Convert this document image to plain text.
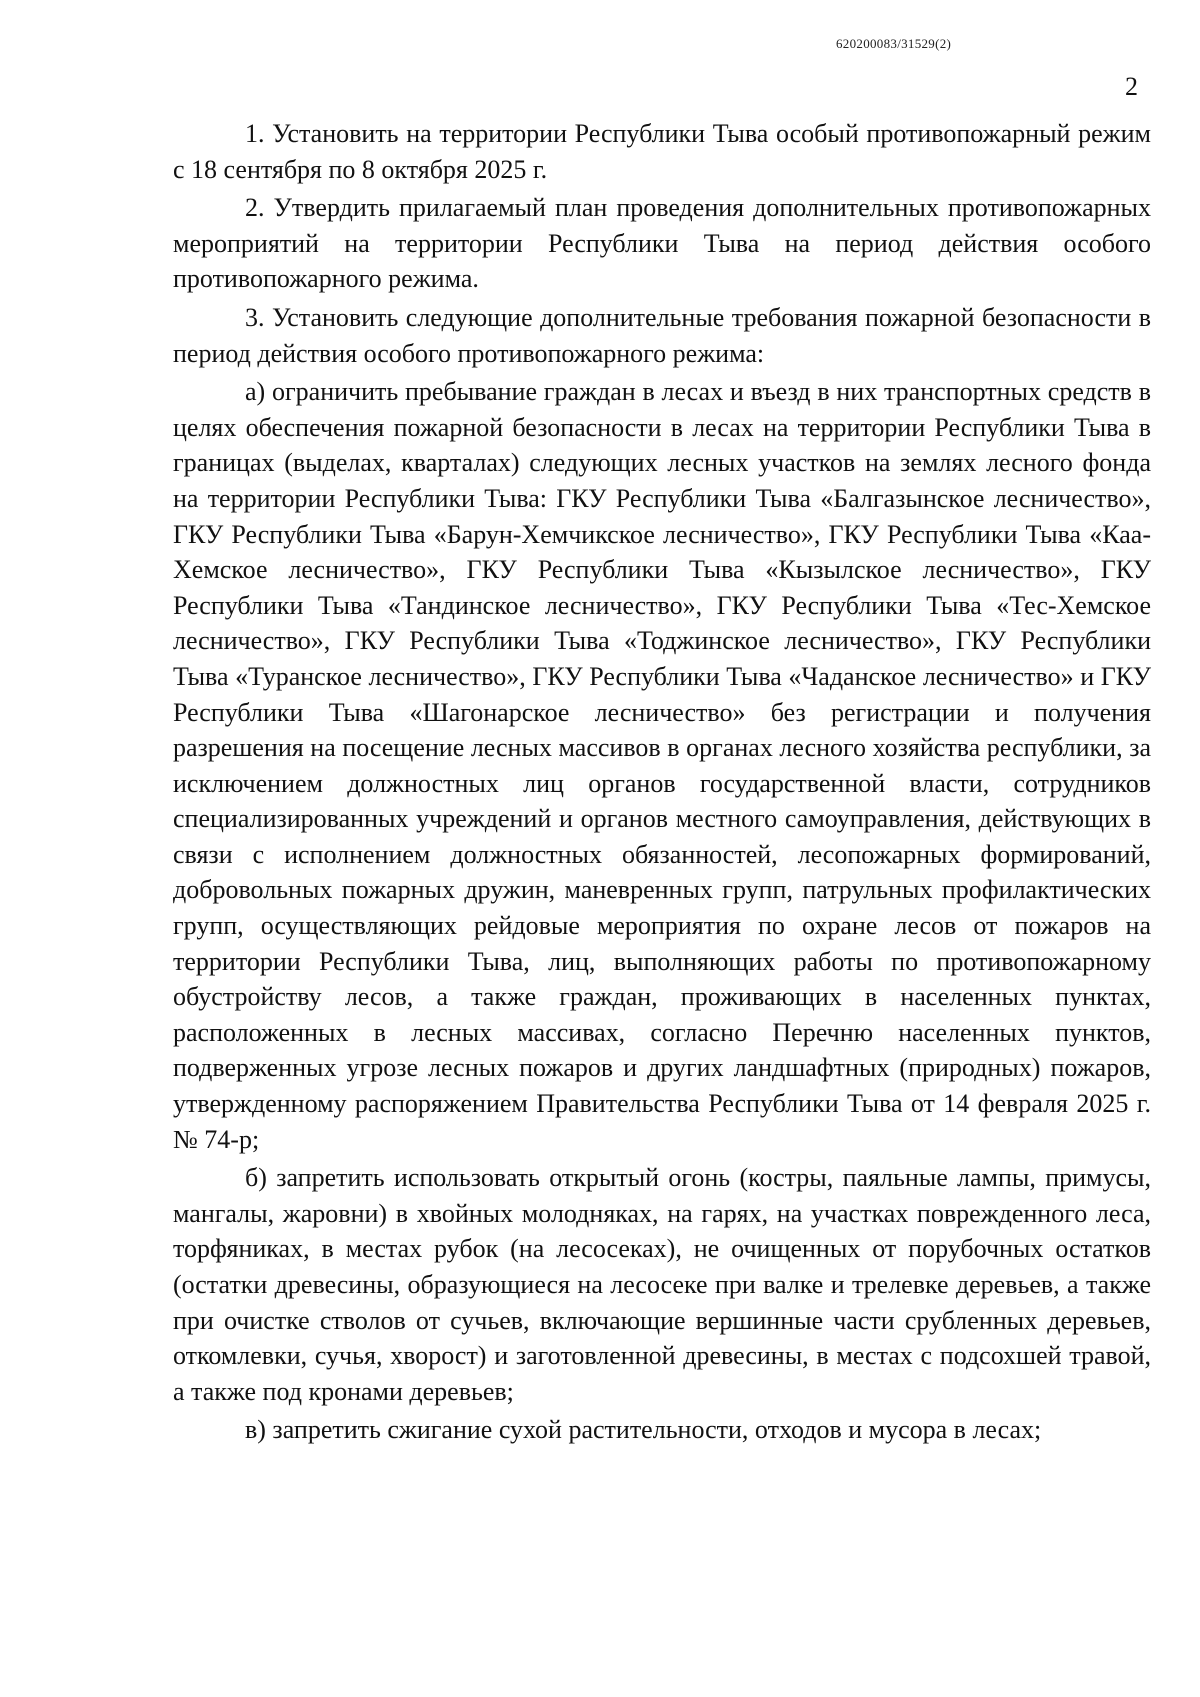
620200083/31529(2)
2

1. Установить на территории Республики Тыва особый противопожарный режим с 18 сентября по 8 октября 2025 г.

2. Утвердить прилагаемый план проведения дополнительных противопожарных мероприятий на территории Республики Тыва на период действия особого противопожарного режима.

3. Установить следующие дополнительные требования пожарной безопасности в период действия особого противопожарного режима:

а) ограничить пребывание граждан в лесах и въезд в них транспортных средств в целях обеспечения пожарной безопасности в лесах на территории Республики Тыва в границах (выделах, кварталах) следующих лесных участков на землях лесного фонда на территории Республики Тыва: ГКУ Республики Тыва «Балгазынское лесничество», ГКУ Республики Тыва «Барун-Хемчикское лесничество», ГКУ Республики Тыва «Каа-Хемское лесничество», ГКУ Республики Тыва «Кызылское лесничество», ГКУ Республики Тыва «Тандинское лесничество», ГКУ Республики Тыва «Тес-Хемское лесничество», ГКУ Республики Тыва «Тоджинское лесничество», ГКУ Республики Тыва «Туранское лесничество», ГКУ Республики Тыва «Чаданское лесничество» и ГКУ Республики Тыва «Шагонарское лесничество» без регистрации и получения разрешения на посещение лесных массивов в органах лесного хозяйства республики, за исключением должностных лиц органов государственной власти, сотрудников специализированных учреждений и органов местного самоуправления, действующих в связи с исполнением должностных обязанностей, лесопожарных формирований, добровольных пожарных дружин, маневренных групп, патрульных профилактических групп, осуществляющих рейдовые мероприятия по охране лесов от пожаров на территории Республики Тыва, лиц, выполняющих работы по противопожарному обустройству лесов, а также граждан, проживающих в населенных пунктах, расположенных в лесных массивах, согласно Перечню населенных пунктов, подверженных угрозе лесных пожаров и других ландшафтных (природных) пожаров, утвержденному распоряжением Правительства Республики Тыва от 14 февраля 2025 г. № 74-р;

б) запретить использовать открытый огонь (костры, паяльные лампы, примусы, мангалы, жаровни) в хвойных молодняках, на гарях, на участках поврежденного леса, торфяниках, в местах рубок (на лесосеках), не очищенных от порубочных остатков (остатки древесины, образующиеся на лесосеке при валке и трелевке деревьев, а также при очистке стволов от сучьев, включающие вершинные части срубленных деревьев, откомлевки, сучья, хворост) и заготовленной древесины, в местах с подсохшей травой, а также под кронами деревьев;

в) запретить сжигание сухой растительности, отходов и мусора в лесах;
